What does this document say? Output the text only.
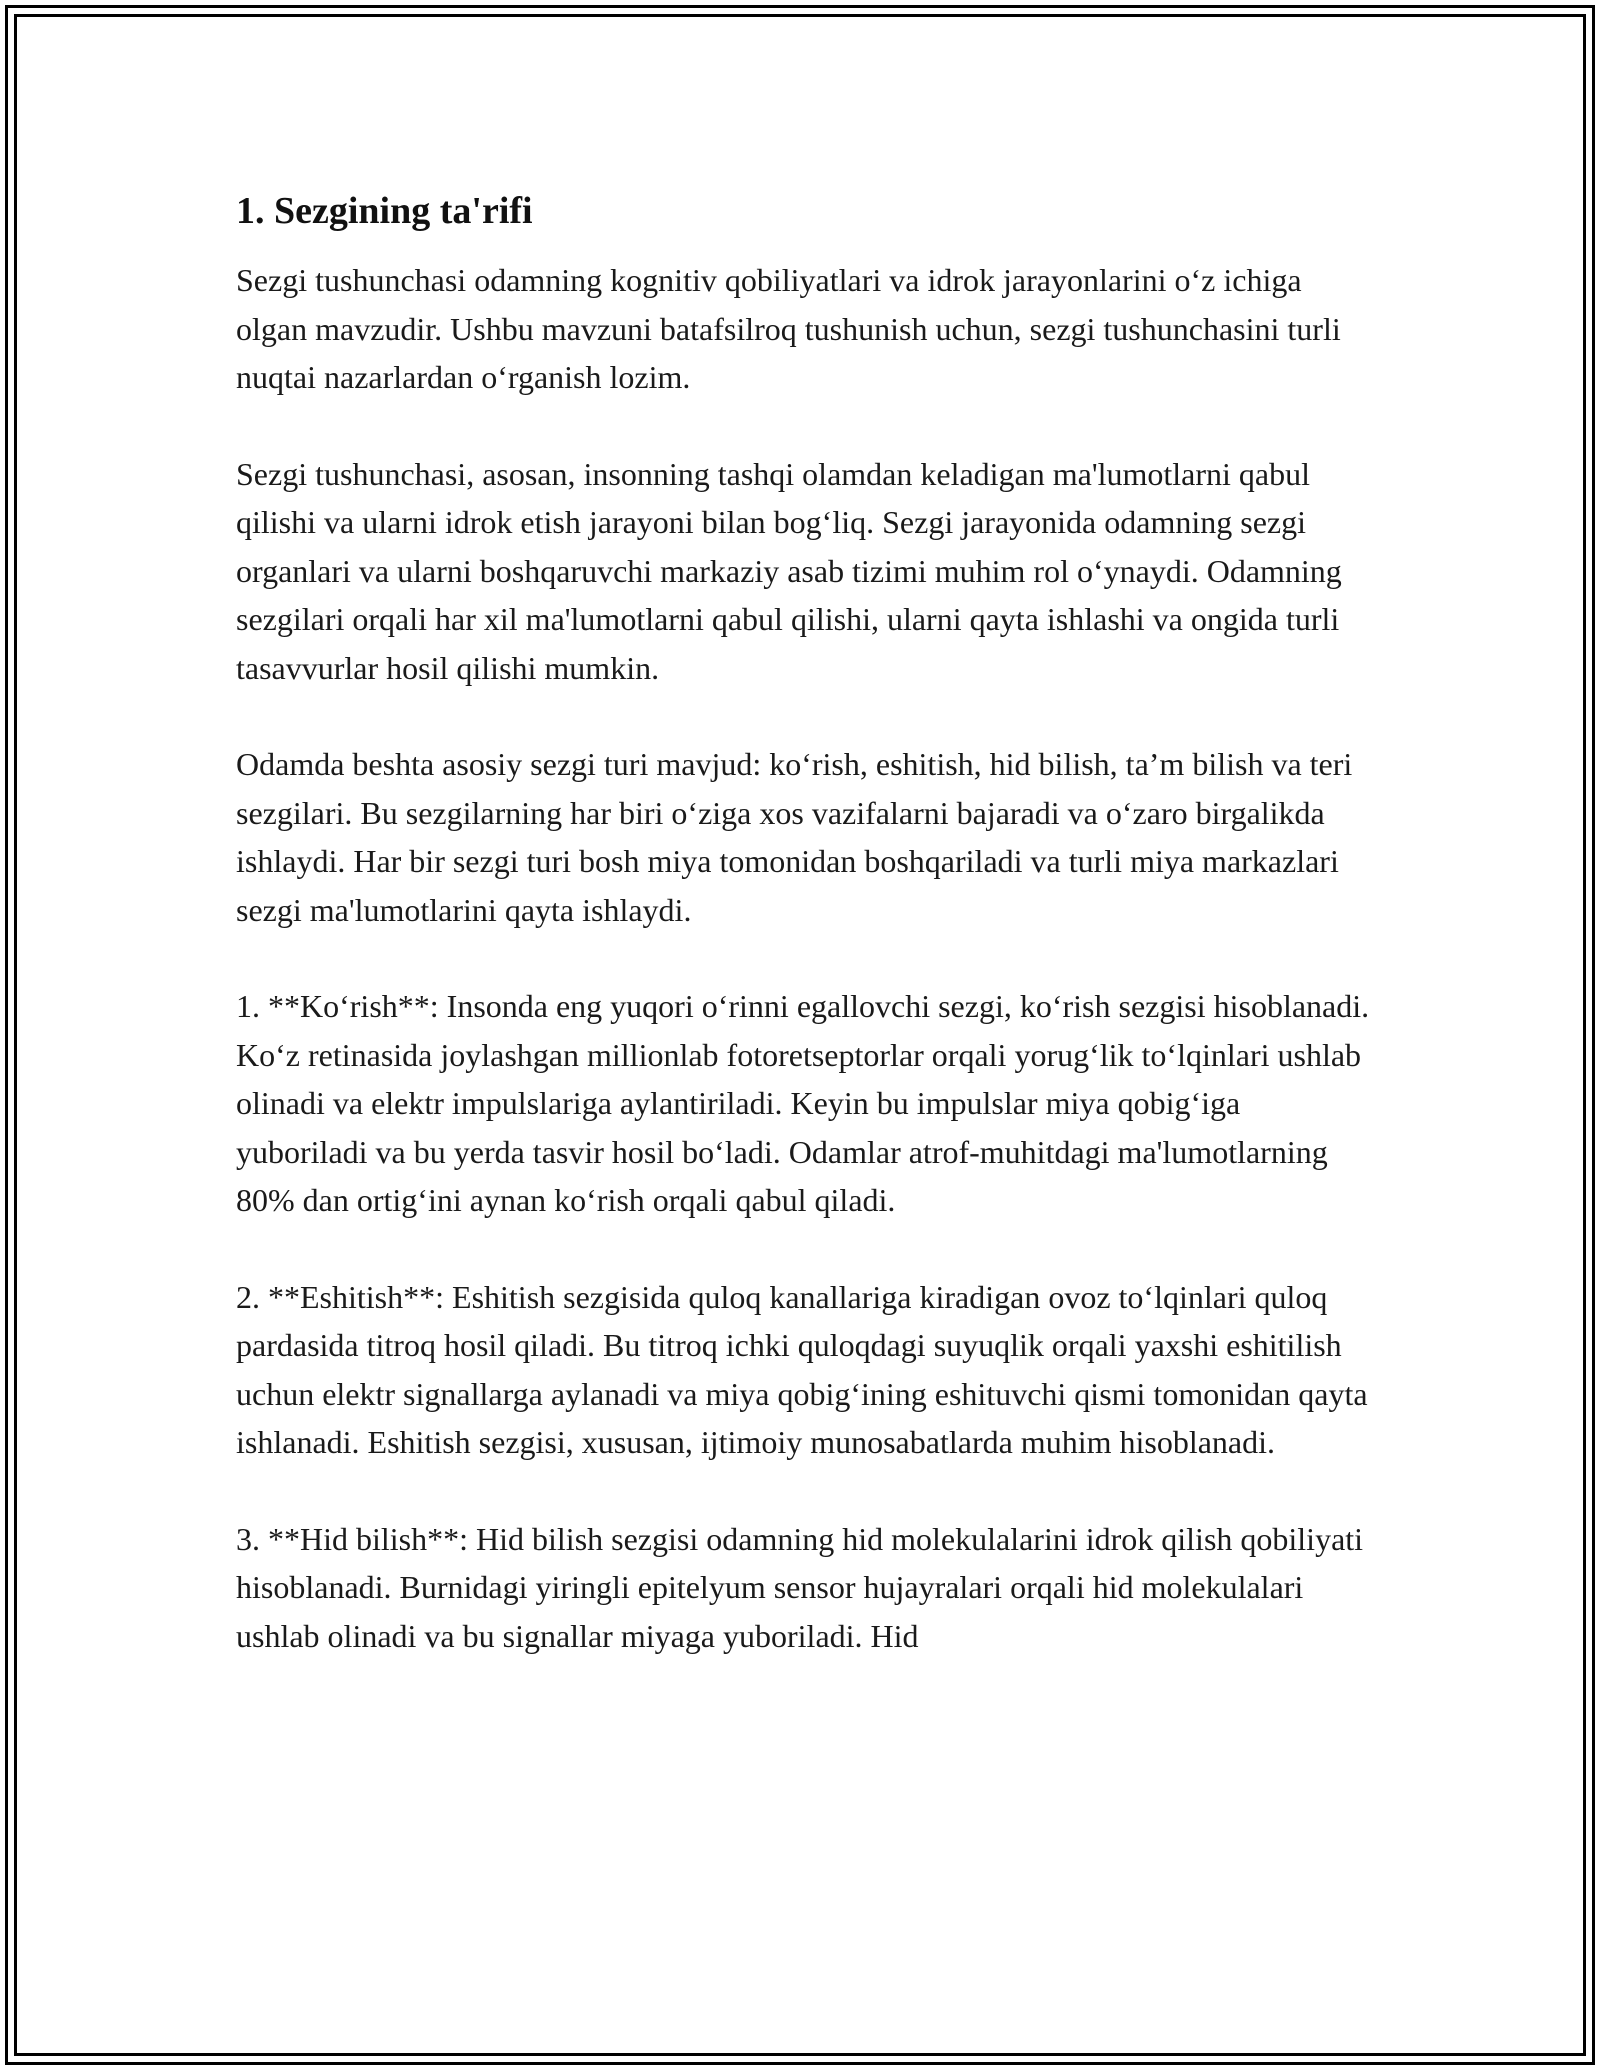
1. Sezgining ta'rifi

Sezgi tushunchasi odamning kognitiv qobiliyatlari va idrok jarayonlarini o‘z ichiga olgan mavzudir. Ushbu mavzuni batafsilroq tushunish uchun, sezgi tushunchasini turli nuqtai nazarlardan o‘rganish lozim.

Sezgi tushunchasi, asosan, insonning tashqi olamdan keladigan ma'lumotlarni qabul qilishi va ularni idrok etish jarayoni bilan bog‘liq. Sezgi jarayonida odamning sezgi organlari va ularni boshqaruvchi markaziy asab tizimi muhim rol o‘ynaydi. Odamning sezgilari orqali har xil ma'lumotlarni qabul qilishi, ularni qayta ishlashi va ongida turli tasavvurlar hosil qilishi mumkin.

Odamda beshta asosiy sezgi turi mavjud: ko‘rish, eshitish, hid bilish, ta’m bilish va teri sezgilari. Bu sezgilarning har biri o‘ziga xos vazifalarni bajaradi va o‘zaro birgalikda ishlaydi. Har bir sezgi turi bosh miya tomonidan boshqariladi va turli miya markazlari sezgi ma'lumotlarini qayta ishlaydi.

1. **Ko‘rish**: Insonda eng yuqori o‘rinni egallovchi sezgi, ko‘rish sezgisi hisoblanadi. Ko‘z retinasida joylashgan millionlab fotoretseptorlar orqali yorug‘lik to‘lqinlari ushlab olinadi va elektr impulslariga aylantiriladi. Keyin bu impulslar miya qobig‘iga yuboriladi va bu yerda tasvir hosil bo‘ladi. Odamlar atrof-muhitdagi ma'lumotlarning 80% dan ortig‘ini aynan ko‘rish orqali qabul qiladi.

2. **Eshitish**: Eshitish sezgisida quloq kanallariga kiradigan ovoz to‘lqinlari quloq pardasida titroq hosil qiladi. Bu titroq ichki quloqdagi suyuqlik orqali yaxshi eshitilish uchun elektr signallarga aylanadi va miya qobig‘ining eshituvchi qismi tomonidan qayta ishlanadi. Eshitish sezgisi, xususan, ijtimoiy munosabatlarda muhim hisoblanadi.

3. **Hid bilish**: Hid bilish sezgisi odamning hid molekulalarini idrok qilish qobiliyati hisoblanadi. Burnidagi yiringli epitelyum sensor hujayralari orqali hid molekulalari ushlab olinadi va bu signallar miyaga yuboriladi. Hid
